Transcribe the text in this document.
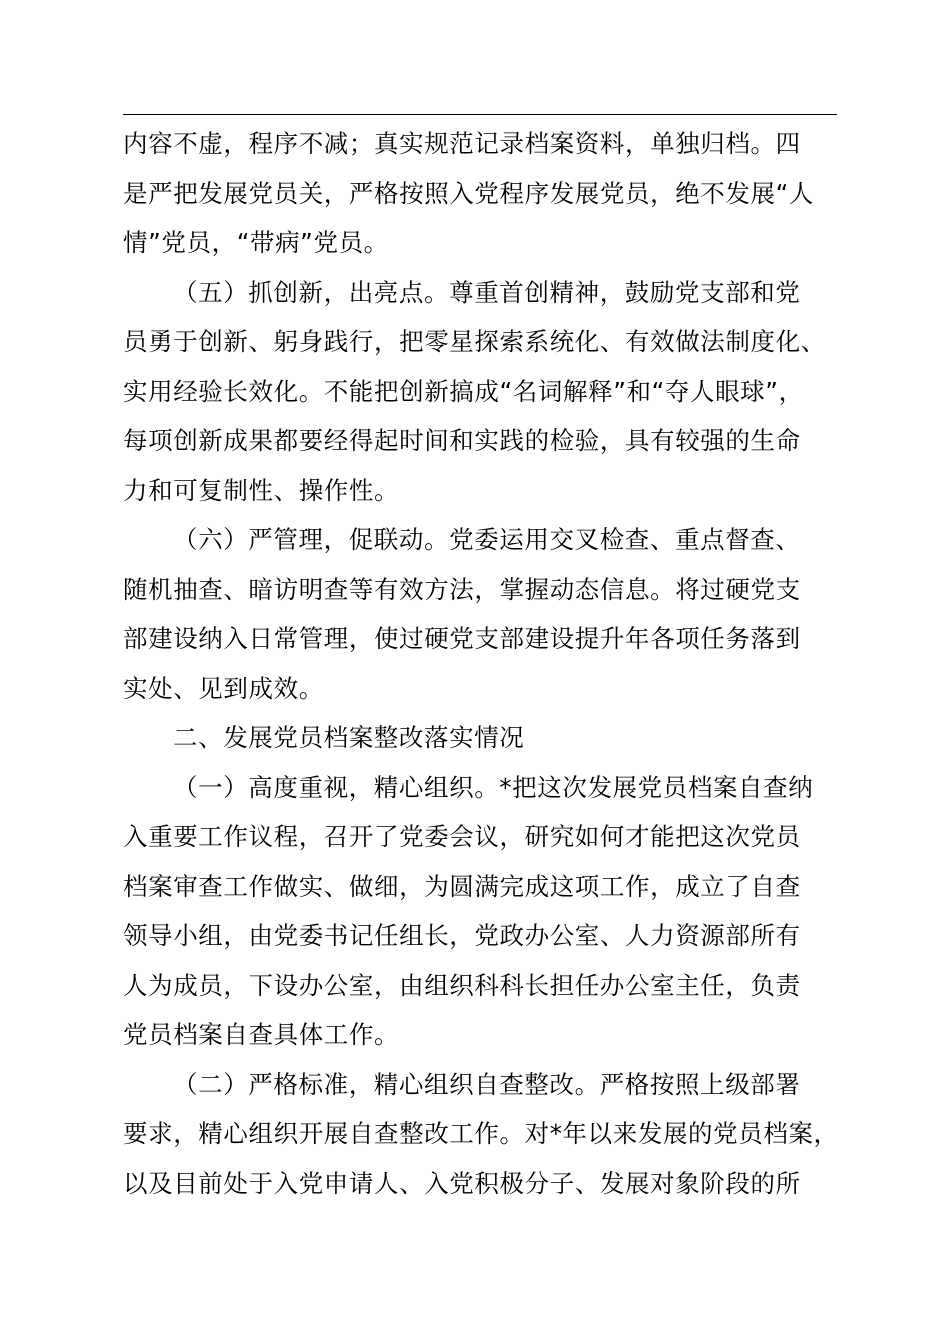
内容不虚，程序不减；真实规范记录档案资料，单独归档。四
是严把发展党员关，严格按照入党程序发展党员，绝不发展“人
情”党员，“带病”党员。
（五）抓创新，出亮点。尊重首创精神，鼓励党支部和党
员勇于创新、躬身践行，把零星探索系统化、有效做法制度化、
实用经验长效化。不能把创新搞成“名词解释”和“夺人眼球”，
每项创新成果都要经得起时间和实践的检验，具有较强的生命
力和可复制性、操作性。
（六）严管理，促联动。党委运用交叉检查、重点督查、
随机抽查、暗访明查等有效方法，掌握动态信息。将过硬党支
部建设纳入日常管理，使过硬党支部建设提升年各项任务落到
实处、见到成效。
二、发展党员档案整改落实情况
（一）高度重视，精心组织。*把这次发展党员档案自查纳
入重要工作议程，召开了党委会议，研究如何才能把这次党员
档案审查工作做实、做细，为圆满完成这项工作，成立了自查
领导小组，由党委书记任组长，党政办公室、人力资源部所有
人为成员，下设办公室，由组织科科长担任办公室主任，负责
党员档案自查具体工作。
（二）严格标准，精心组织自查整改。严格按照上级部署
要求，精心组织开展自查整改工作。对*年以来发展的党员档案，
以及目前处于入党申请人、入党积极分子、发展对象阶段的所
